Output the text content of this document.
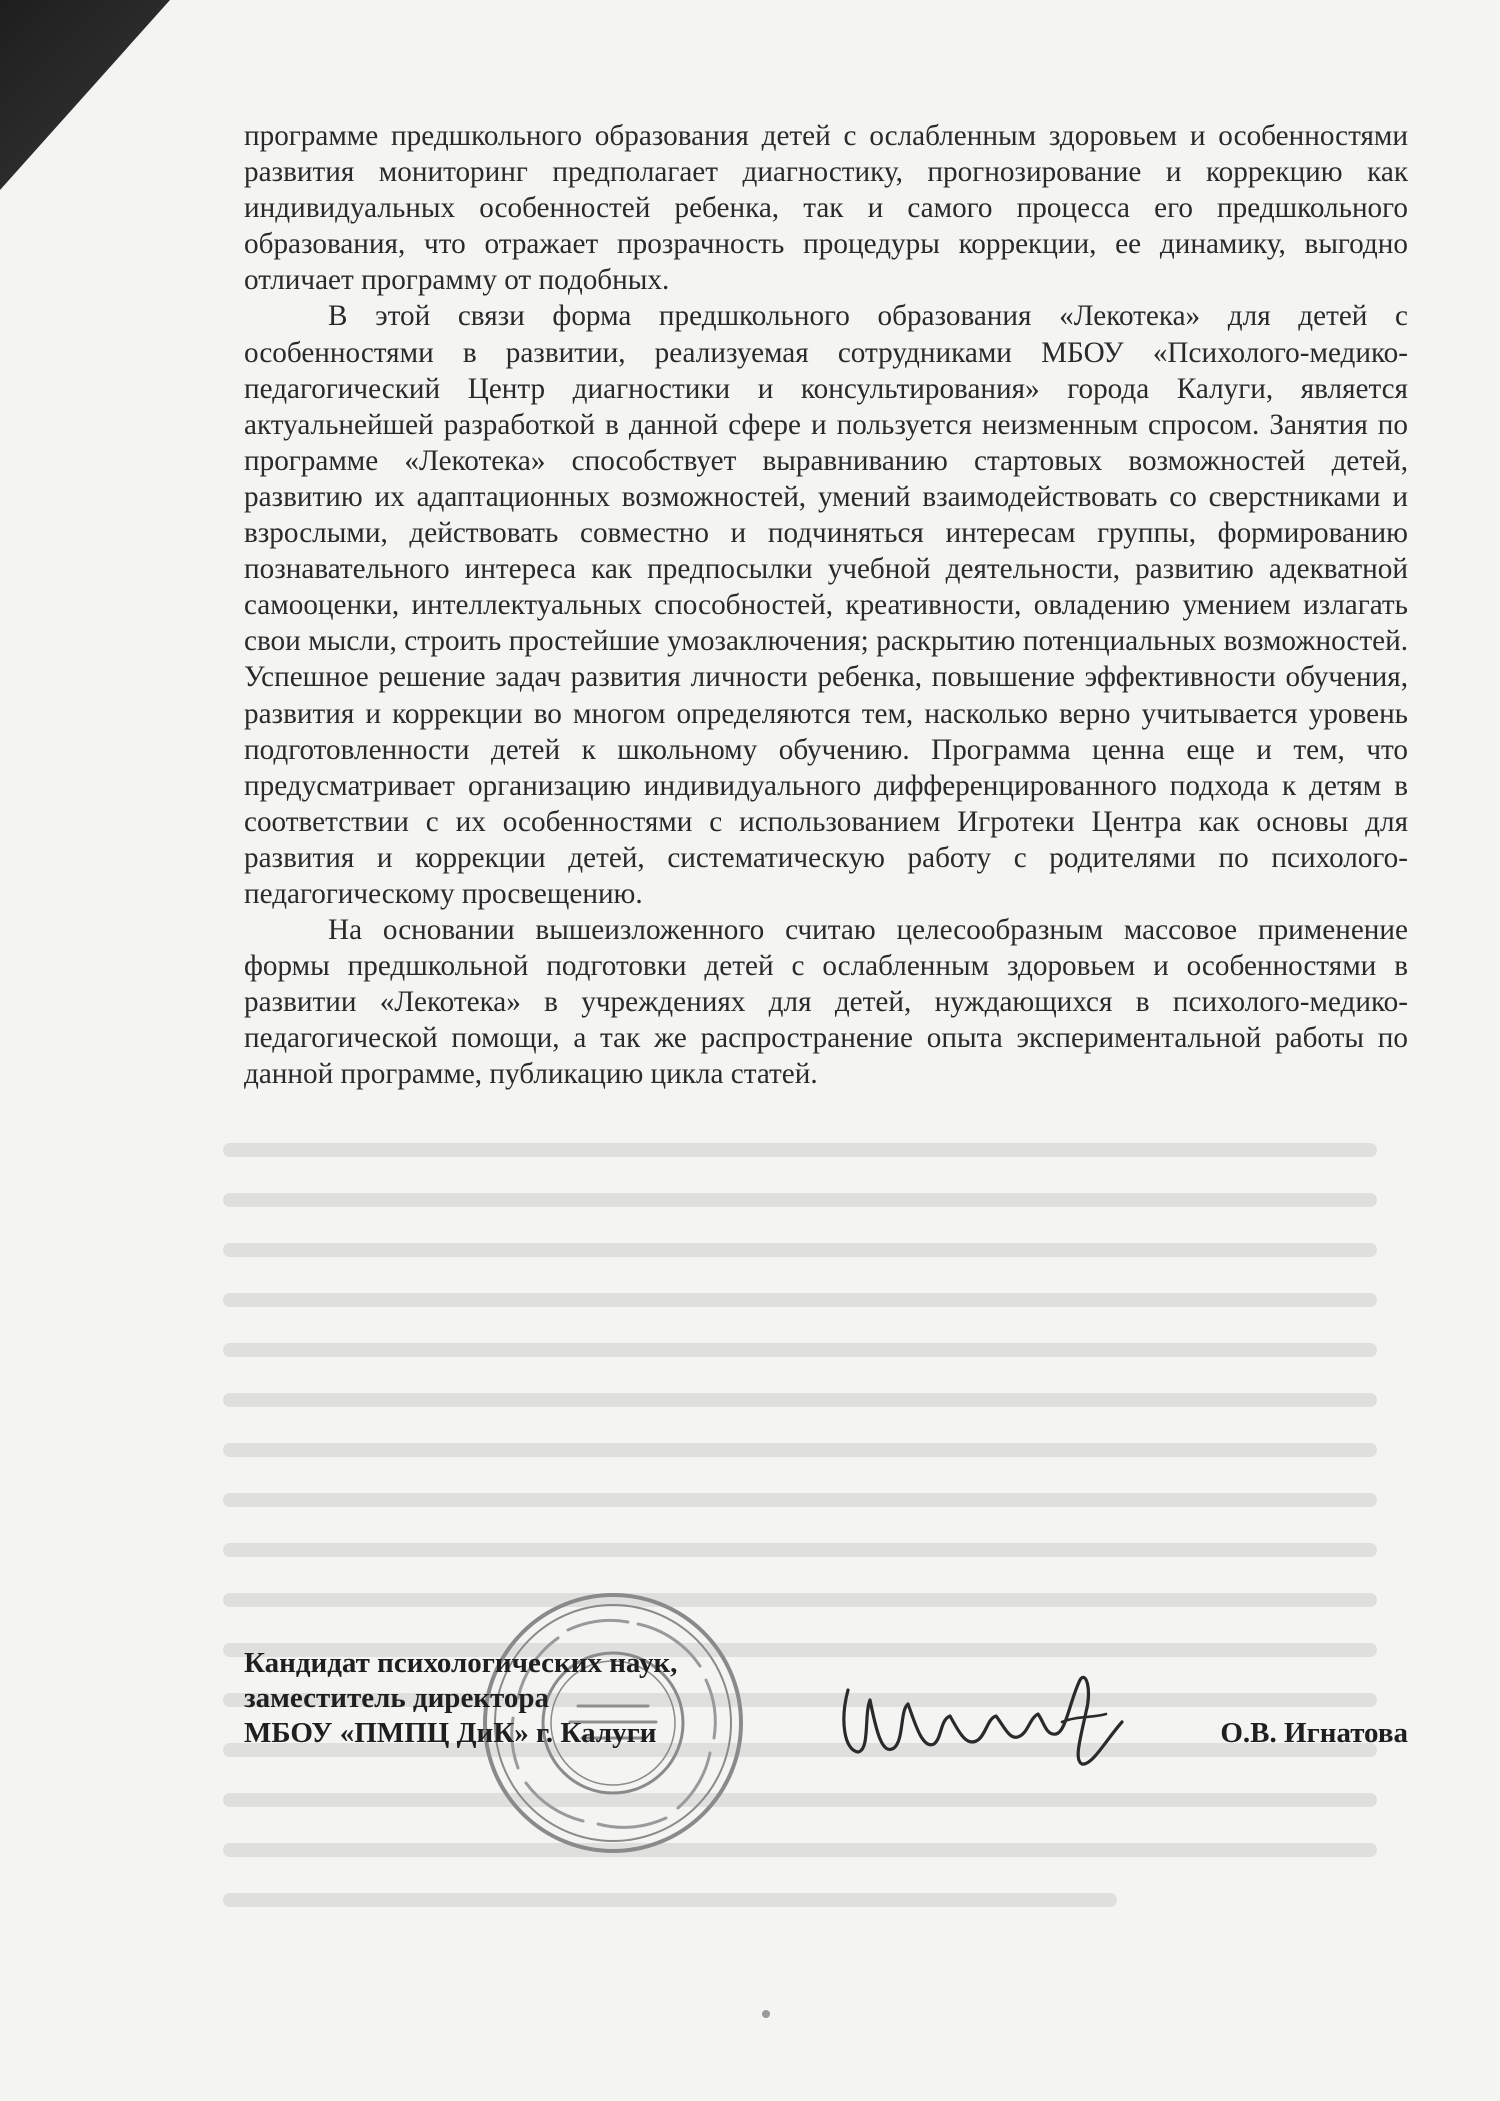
программе предшкольного образования детей с ослабленным здоровьем и особенностями развития мониторинг предполагает диагностику, прогнозирование и коррекцию как индивидуальных особенностей ребенка, так и самого процесса его предшкольного образования, что отражает прозрачность процедуры коррекции, ее динамику, выгодно отличает программу от подобных.

В этой связи форма предшкольного образования «Лекотека» для детей с особенностями в развитии, реализуемая сотрудниками МБОУ «Психолого-медико-педагогический Центр диагностики и консультирования» города Калуги, является актуальнейшей разработкой в данной сфере и пользуется неизменным спросом. Занятия по программе «Лекотека» способствует выравниванию стартовых возможностей детей, развитию их адаптационных возможностей, умений взаимодействовать со сверстниками и взрослыми, действовать совместно и подчиняться интересам группы, формированию познавательного интереса как предпосылки учебной деятельности, развитию адекватной самооценки, интеллектуальных способностей, креативности, овладению умением излагать свои мысли, строить простейшие умозаключения; раскрытию потенциальных возможностей. Успешное решение задач развития личности ребенка, повышение эффективности обучения, развития и коррекции во многом определяются тем, насколько верно учитывается уровень подготовленности детей к школьному обучению. Программа ценна еще и тем, что предусматривает организацию индивидуального дифференцированного подхода к детям в соответствии с их особенностями с использованием Игротеки Центра как основы для развития и коррекции детей, систематическую работу с родителями по психолого-педагогическому просвещению.

На основании вышеизложенного считаю целесообразным массовое применение формы предшкольной подготовки детей с ослабленным здоровьем и особенностями в развитии «Лекотека» в учреждениях для детей, нуждающихся в психолого-медико-педагогической помощи, а так же распространение опыта экспериментальной работы по данной программе, публикацию цикла статей.

Кандидат психологических наук,
заместитель директора
МБОУ «ПМПЦ ДиК» г. Калуги	О.В. Игнатова
